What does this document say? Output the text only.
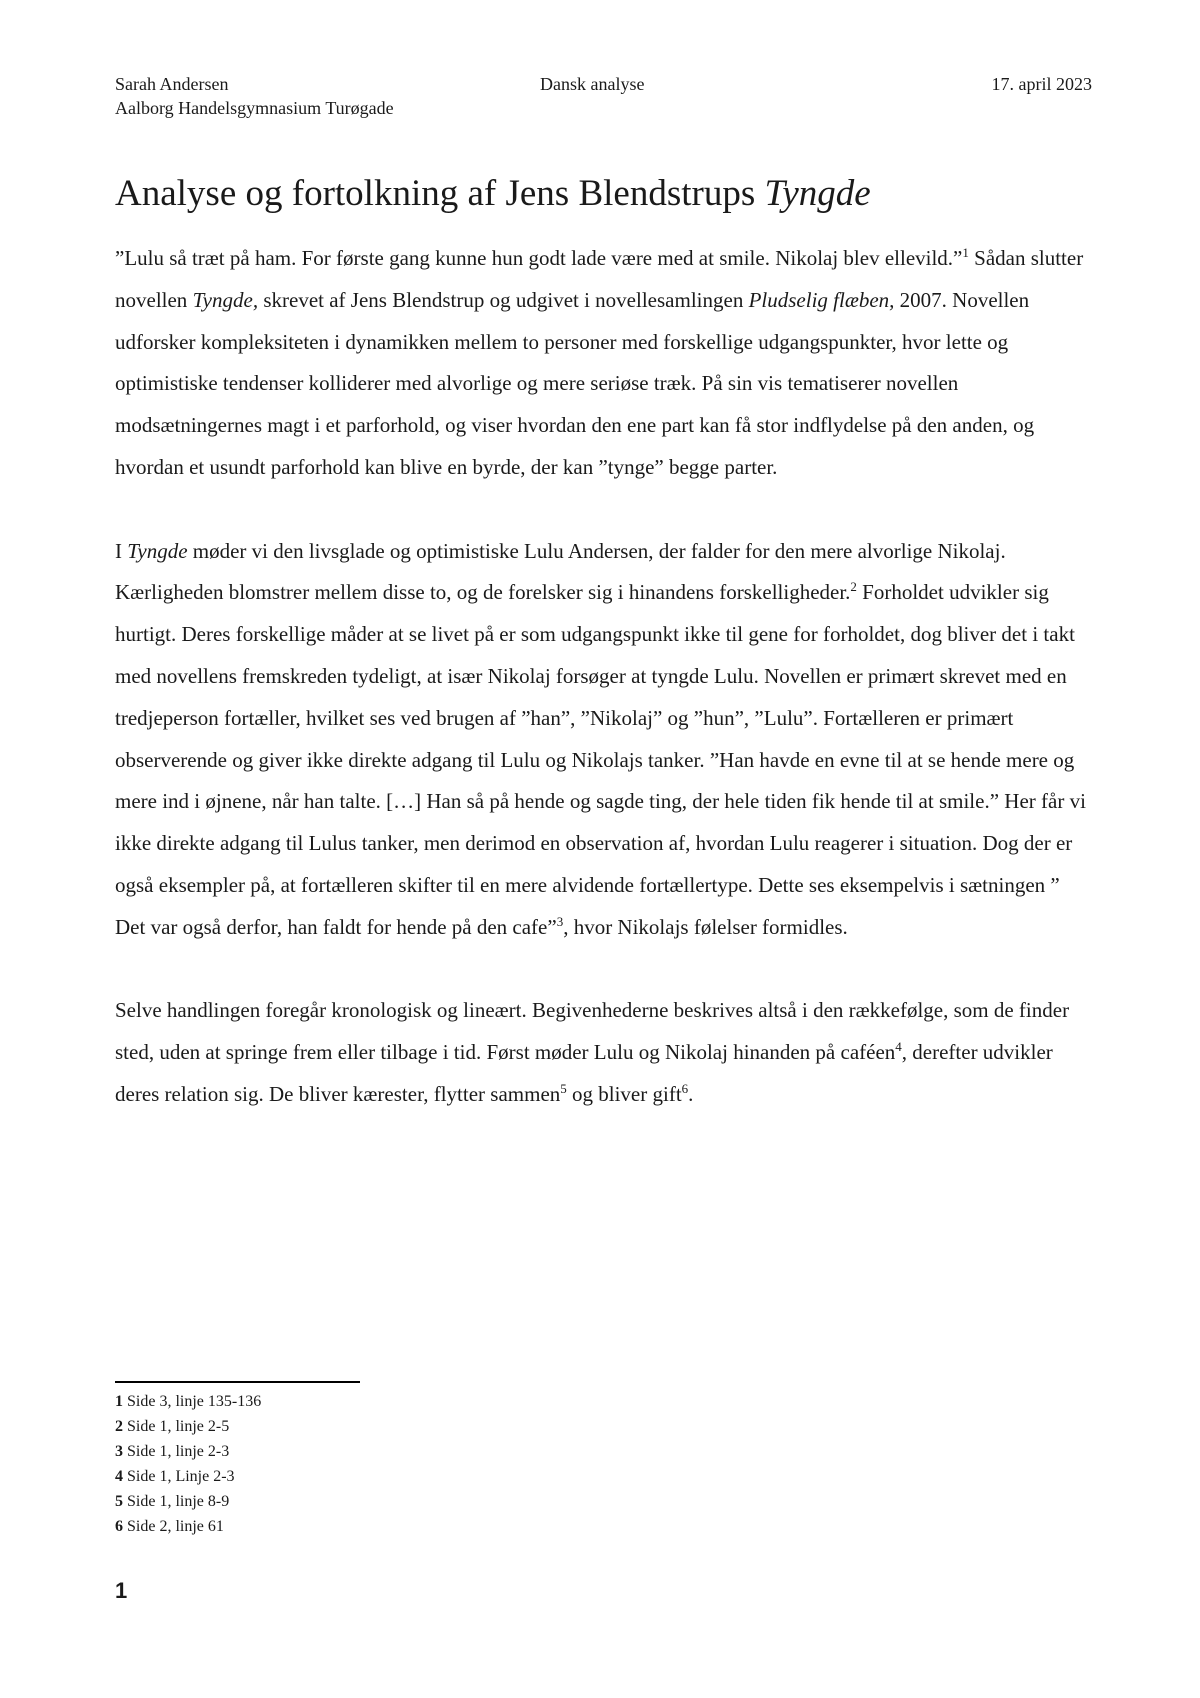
Sarah Andersen
Aalborg Handelsgymnasium Turøgade
Dansk analyse	17. april 2023
Analyse og fortolkning af Jens Blendstrups Tyngde

”Lulu så træt på ham. For første gang kunne hun godt lade være med at smile. Nikolaj blev ellevild.”$^1$ Sådan slutter novellen Tyngde, skrevet af Jens Blendstrup og udgivet i novellesamlingen Pludselig flæben, 2007. Novellen udforsker kompleksiteten i dynamikken mellem to personer med forskellige udgangspunkter, hvor lette og optimistiske tendenser kolliderer med alvorlige og mere seriøse træk. På sin vis tematiserer novellen modsætningernes magt i et parforhold, og viser hvordan den ene part kan få stor indflydelse på den anden, og hvordan et usundt parforhold kan blive en byrde, der kan ”tynge” begge parter.

I Tyngde møder vi den livsglade og optimistiske Lulu Andersen, der falder for den mere alvorlige Nikolaj. Kærligheden blomstrer mellem disse to, og de forelsker sig i hinandens forskelligheder.$^2$ Forholdet udvikler sig hurtigt. Deres forskellige måder at se livet på er som udgangspunkt ikke til gene for forholdet, dog bliver det i takt med novellens fremskreden tydeligt, at især Nikolaj forsøger at tyngde Lulu. Novellen er primært skrevet med en tredjeperson fortæller, hvilket ses ved brugen af ”han”, ”Nikolaj” og ”hun”, ”Lulu”. Fortælleren er primært observerende og giver ikke direkte adgang til Lulu og Nikolajs tanker. ”Han havde en evne til at se hende mere og mere ind i øjnene, når han talte. […] Han så på hende og sagde ting, der hele tiden fik hende til at smile.” Her får vi ikke direkte adgang til Lulus tanker, men derimod en observation af, hvordan Lulu reagerer i situation. Dog der er også eksempler på, at fortælleren skifter til en mere alvidende fortællertype. Dette ses eksempelvis i sætningen ” Det var også derfor, han faldt for hende på den cafe”$^3$, hvor Nikolajs følelser formidles.

Selve handlingen foregår kronologisk og lineært. Begivenhederne beskrives altså i den rækkefølge, som de finder sted, uden at springe frem eller tilbage i tid. Først møder Lulu og Nikolaj hinanden på caféen$^4$, derefter udvikler deres relation sig. De bliver kærester, flytter sammen$^5$ og bliver gift$^6$.

1 Side 3, linje 135-136
2 Side 1, linje 2-5
3 Side 1, linje 2-3
4 Side 1, Linje 2-3
5 Side 1, linje 8-9
6 Side 2, linje 61
1
